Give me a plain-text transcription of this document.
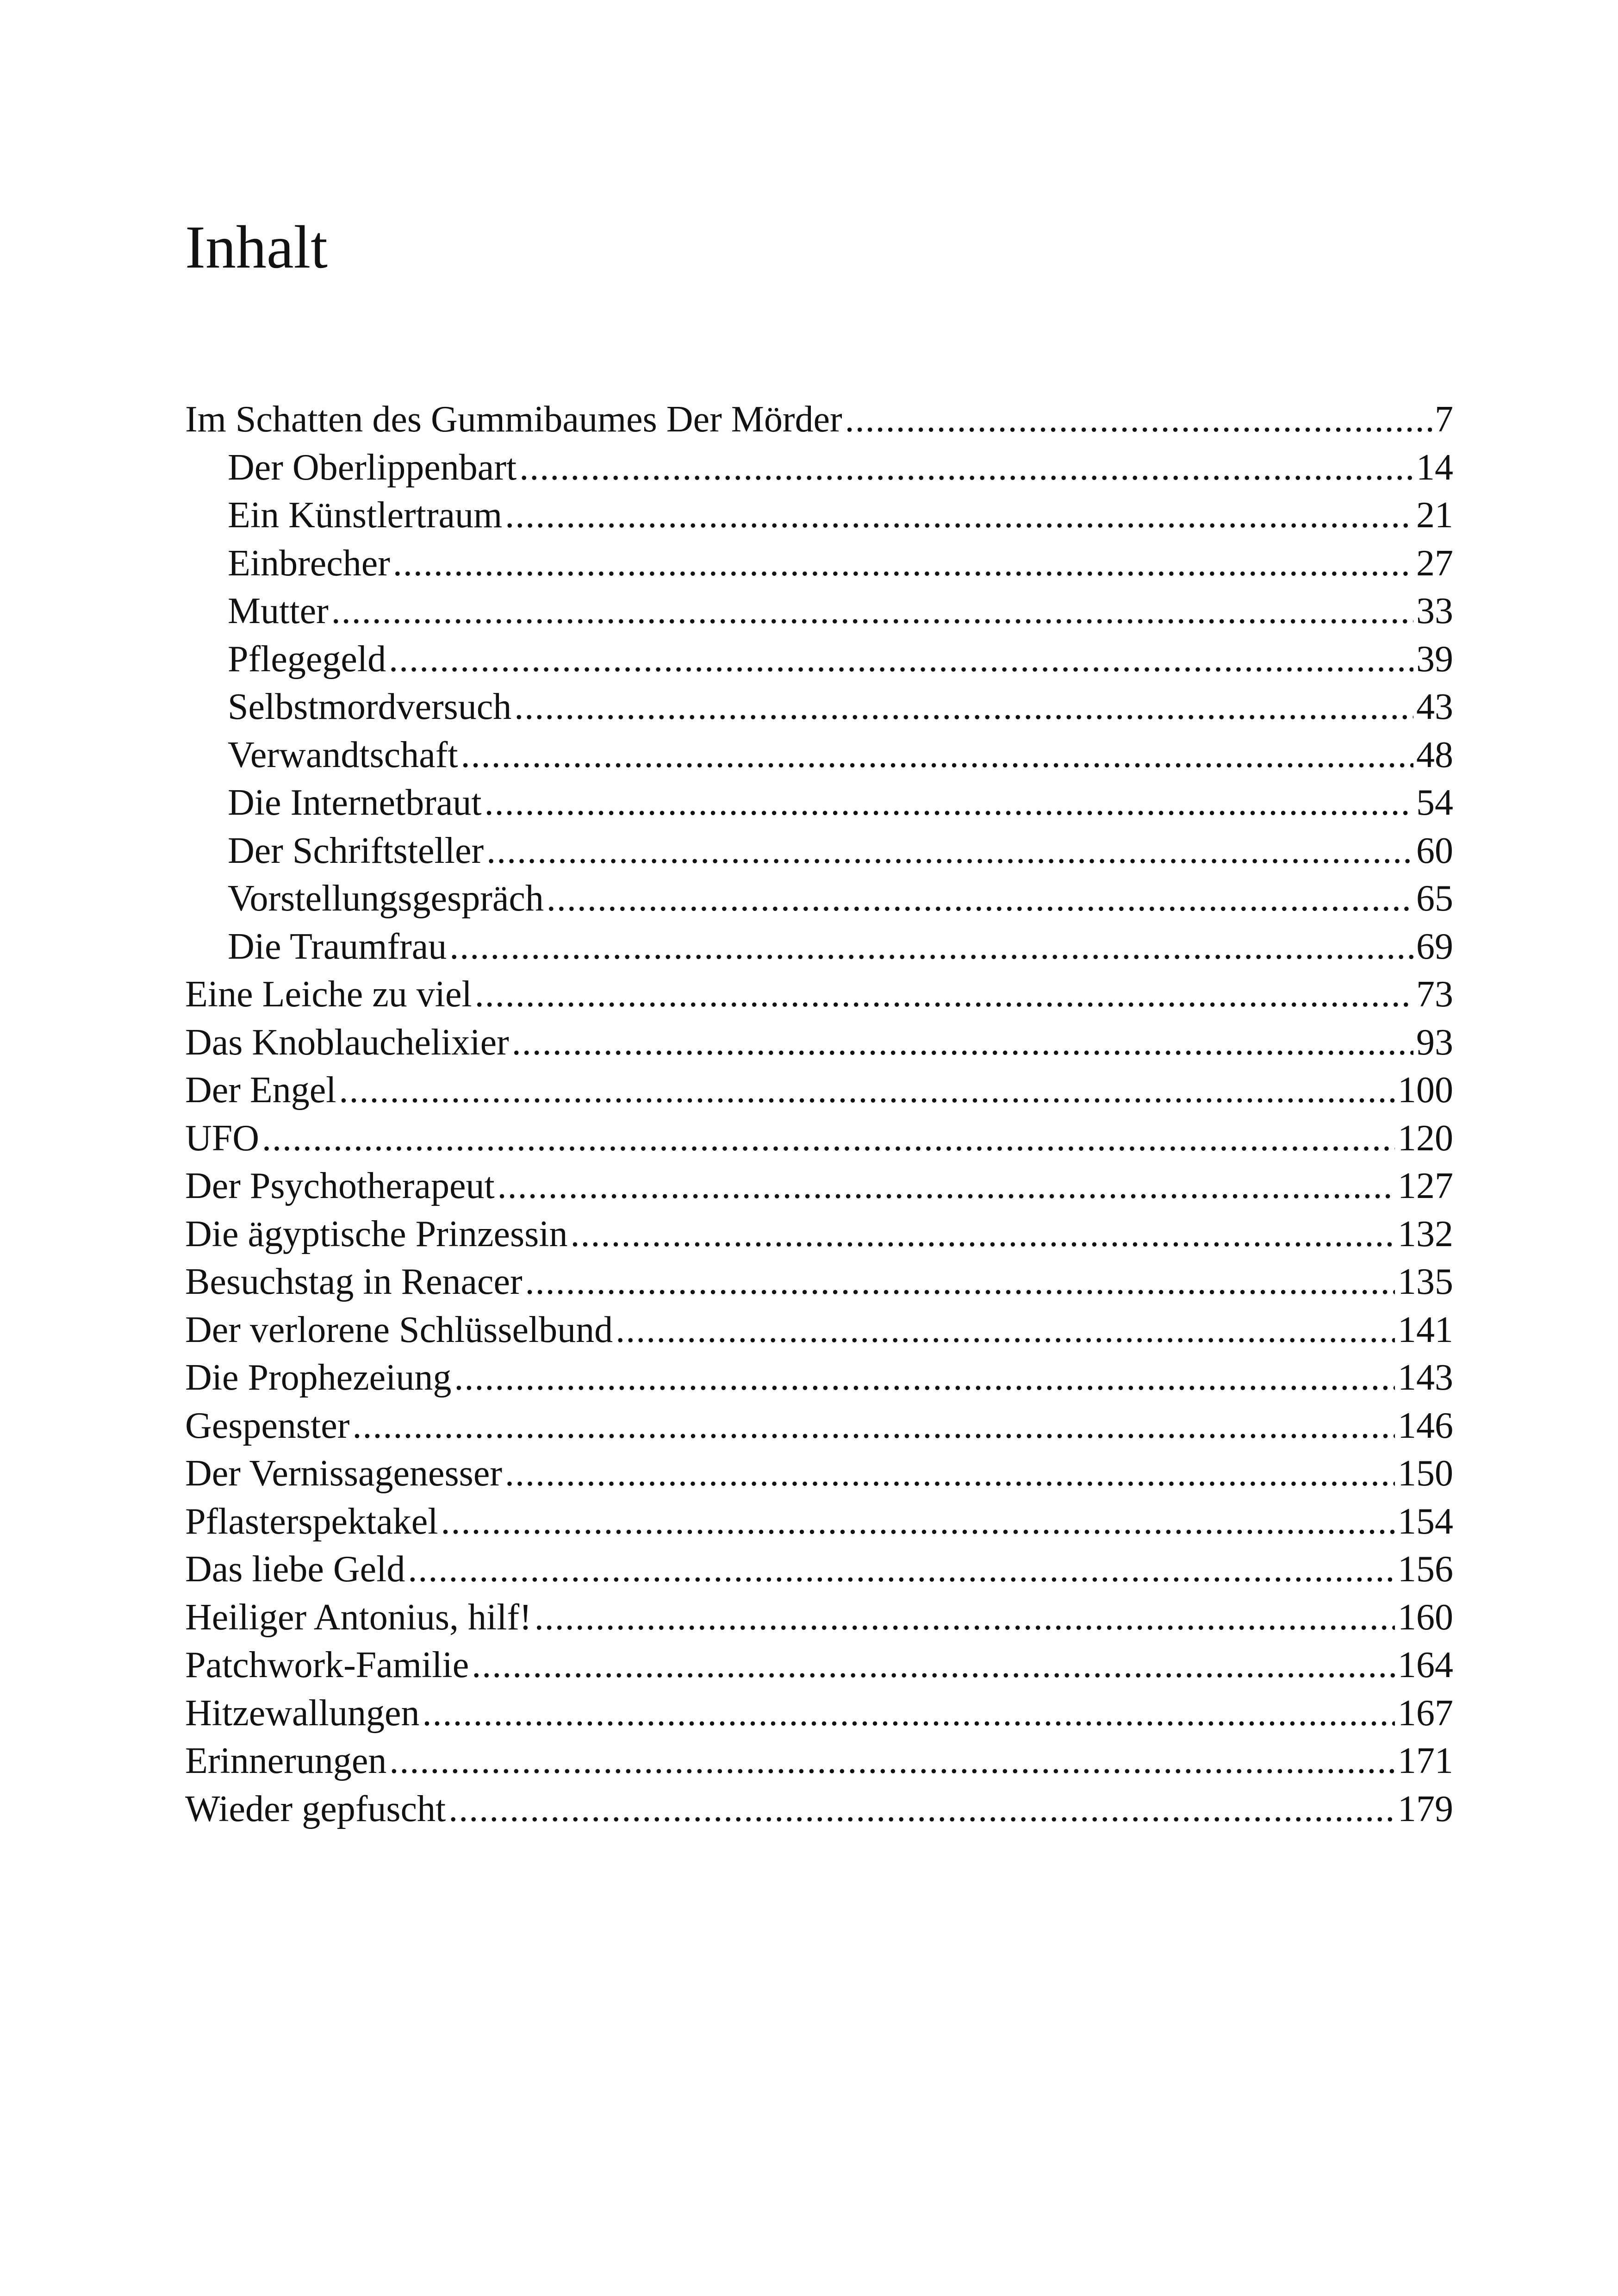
Inhalt
Im Schatten des Gummibaumes Der Mörder .....	7
Der Oberlippenbart .....	14
Ein Künstlertraum .....	21
Einbrecher .....	27
Mutter .....	33
Pflegegeld .....	39
Selbstmordversuch .....	43
Verwandtschaft .....	48
Die Internetbraut .....	54
Der Schriftsteller .....	60
Vorstellungsgespräch .....	65
Die Traumfrau .....	69
Eine Leiche zu viel .....	73
Das Knoblauchelixier .....	93
Der Engel .....	100
UFO .....	120
Der Psychotherapeut .....	127
Die ägyptische Prinzessin .....	132
Besuchstag in Renacer .....	135
Der verlorene Schlüsselbund .....	141
Die Prophezeiung .....	143
Gespenster .....	146
Der Vernissagenesser .....	150
Pflasterspektakel .....	154
Das liebe Geld .....	156
Heiliger Antonius, hilf! .....	160
Patchwork-Familie .....	164
Hitzewallungen .....	167
Erinnerungen .....	171
Wieder gepfuscht .....	179
